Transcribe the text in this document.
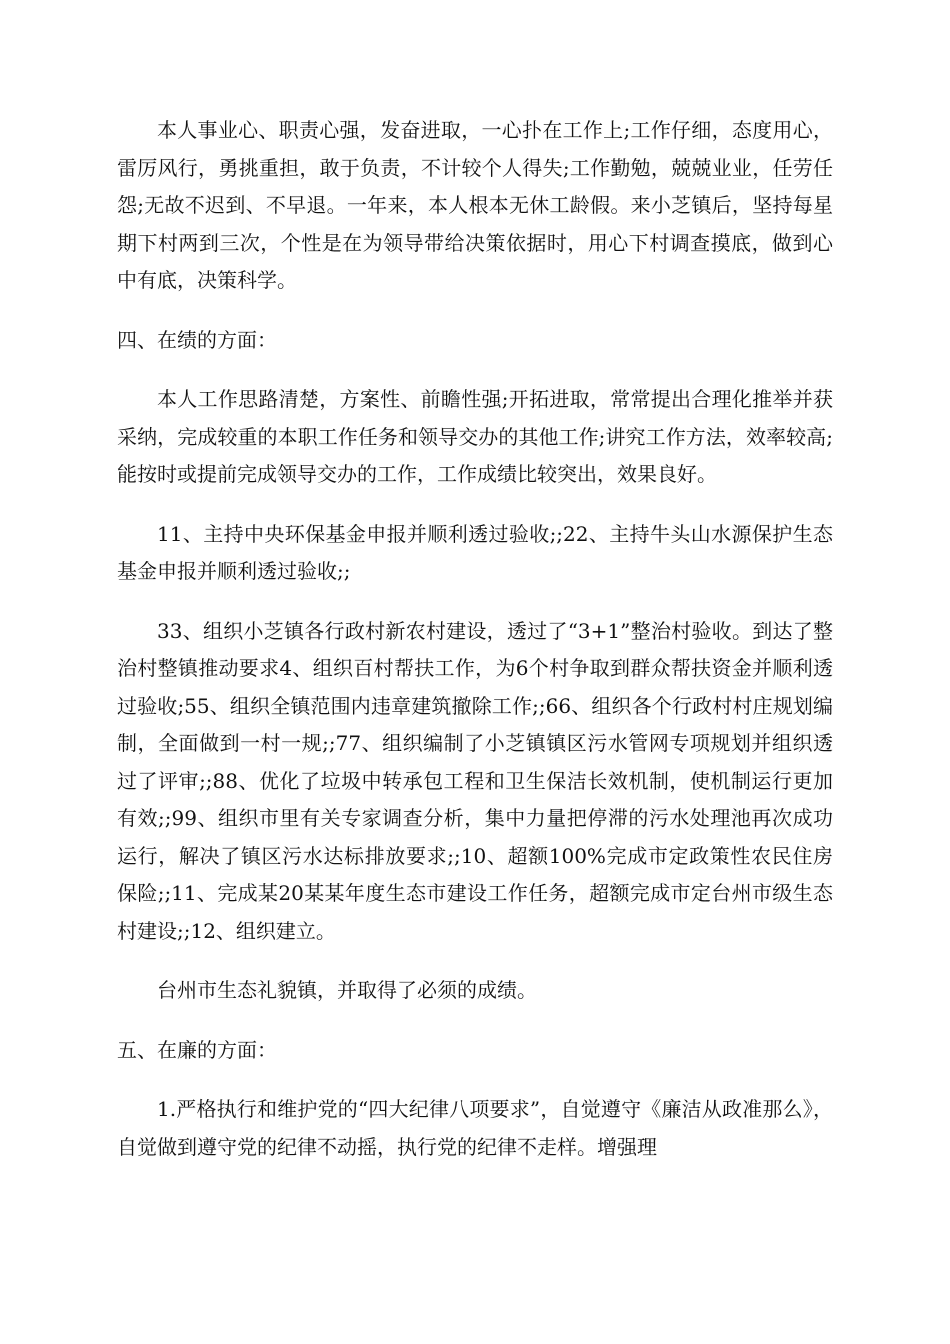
本人事业心、职责心强，发奋进取，一心扑在工作上;工作仔细，态度用心，雷厉风行，勇挑重担，敢于负责，不计较个人得失;工作勤勉，兢兢业业，任劳任怨;无故不迟到、不早退。一年来，本人根本无休工龄假。来小芝镇后，坚持每星期下村两到三次，个性是在为领导带给决策依据时，用心下村调查摸底，做到心中有底，决策科学。

四、在绩的方面：

本人工作思路清楚，方案性、前瞻性强;开拓进取，常常提出合理化推举并获采纳，完成较重的本职工作任务和领导交办的其他工作;讲究工作方法，效率较高;能按时或提前完成领导交办的工作，工作成绩比较突出，效果良好。

11、主持中央环保基金申报并顺利透过验收;;22、主持牛头山水源保护生态基金申报并顺利透过验收;;

33、组织小芝镇各行政村新农村建设，透过了“3+1”整治村验收。到达了整治村整镇推动要求4、组织百村帮扶工作，为6个村争取到群众帮扶资金并顺利透过验收;55、组织全镇范围内违章建筑撤除工作;;66、组织各个行政村村庄规划编制，全面做到一村一规;;77、组织编制了小芝镇镇区污水管网专项规划并组织透过了评审;;88、优化了垃圾中转承包工程和卫生保洁长效机制，使机制运行更加有效;;99、组织市里有关专家调查分析，集中力量把停滞的污水处理池再次成功运行，解决了镇区污水达标排放要求;;10、超额100%完成市定政策性农民住房保险;;11、完成某20某某年度生态市建设工作任务，超额完成市定台州市级生态村建设;;12、组织建立。

台州市生态礼貌镇，并取得了必须的成绩。

五、在廉的方面：

1.严格执行和维护党的“四大纪律八项要求”，自觉遵守《廉洁从政准那么》，自觉做到遵守党的纪律不动摇，执行党的纪律不走样。增强理
